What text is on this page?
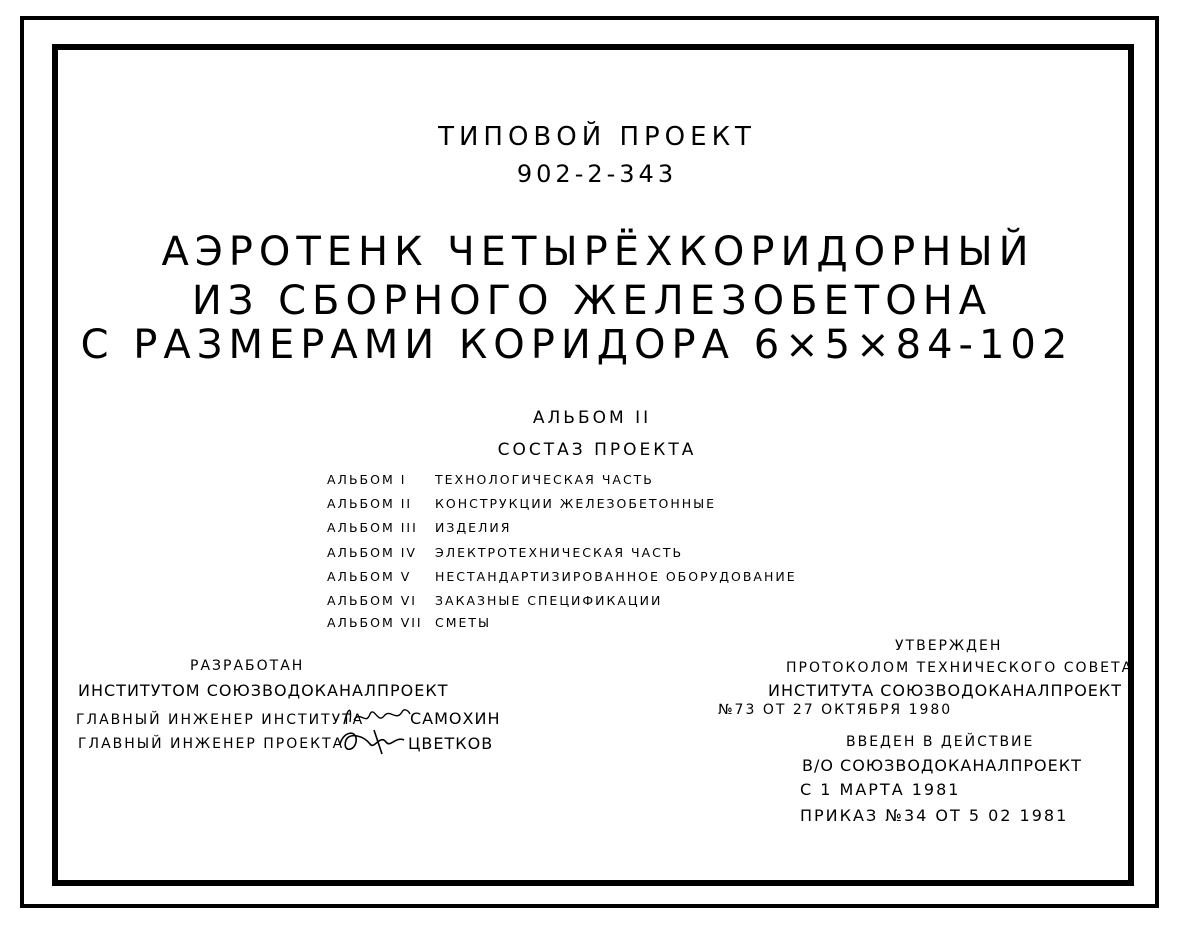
ТИПОВОЙ ПРОЕКТ
902-2-343
АЭРОТЕНК ЧЕТЫРЁХКОРИДОРНЫЙ
ИЗ СБОРНОГО ЖЕЛЕЗОБЕТОНА
С РАЗМЕРАМИ КОРИДОРА 6×5×84-102
АЛЬБОМ II
СОСТАЗ ПРОЕКТА
АЛЬБОМ I ТЕХНОЛОГИЧЕСКАЯ ЧАСТЬ
АЛЬБОМ II КОНСТРУКЦИИ ЖЕЛЕЗОБЕТОННЫЕ
АЛЬБОМ III ИЗДЕЛИЯ
АЛЬБОМ IV ЭЛЕКТРОТЕХНИЧЕСКАЯ ЧАСТЬ
АЛЬБОМ V НЕСТАНДАРТИЗИРОВАННОЕ ОБОРУДОВАНИЕ
АЛЬБОМ VI ЗАКАЗНЫЕ СПЕЦИФИКАЦИИ
АЛЬБОМ VII СМЕТЫ
РАЗРАБОТАН
ИНСТИТУТОМ СОЮЗВОДОКАНАЛПРОЕКТ
ГЛАВНЫЙ ИНЖЕНЕР ИНСТИТУТА	САМОХИН
ГЛАВНЫЙ ИНЖЕНЕР ПРОЕКТА	ЦВЕТКОВ
УТВЕРЖДЕН
ПРОТОКОЛОМ ТЕХНИЧЕСКОГО СОВЕТА
ИНСТИТУТА СОЮЗВОДОКАНАЛПРОЕКТ
№73 ОТ 27 ОКТЯБРЯ 1980
ВВЕДЕН В ДЕЙСТВИЕ
В/О СОЮЗВОДОКАНАЛПРОЕКТ
С 1 МАРТА 1981
ПРИКАЗ №34 ОТ 5 02 1981
